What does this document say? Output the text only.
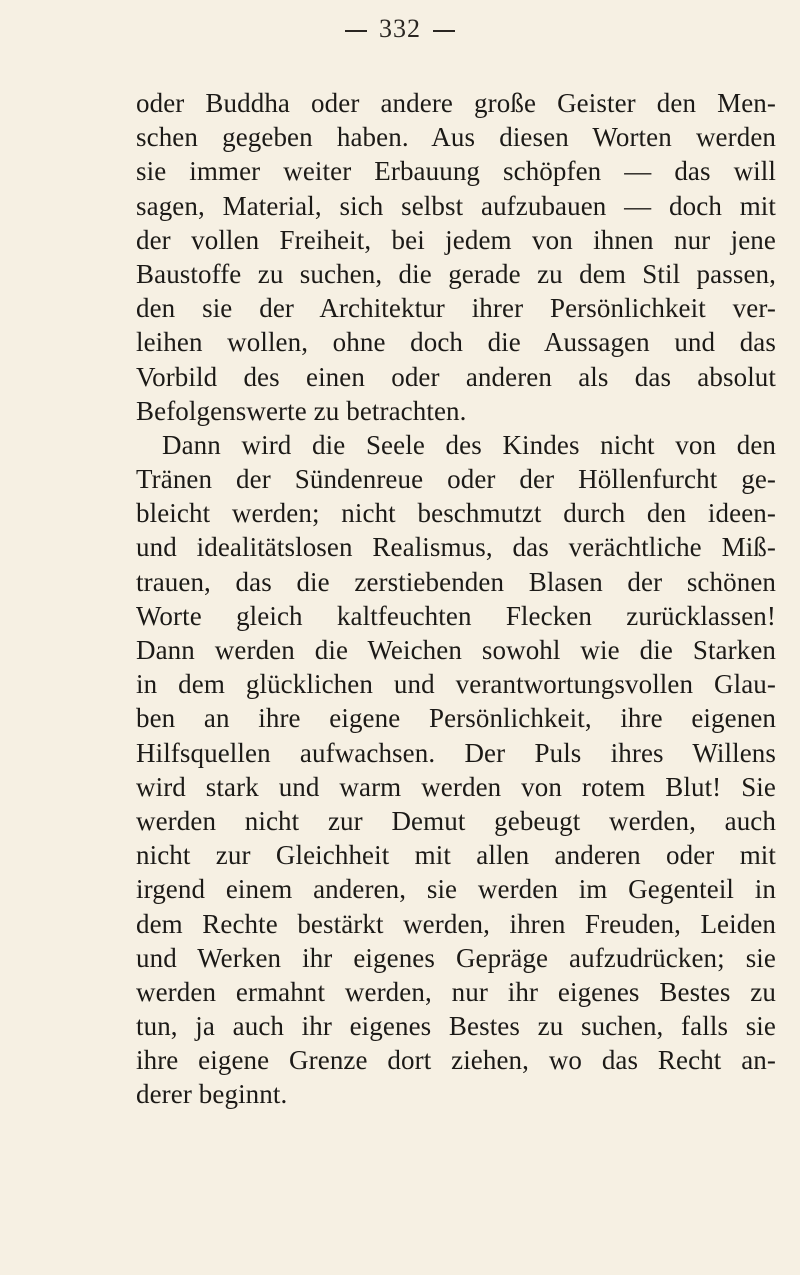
332
oder Buddha oder andere große Geister den Men-
schen gegeben haben. Aus diesen Worten werden
sie immer weiter Erbauung schöpfen — das will
sagen, Material, sich selbst aufzubauen — doch mit
der vollen Freiheit, bei jedem von ihnen nur jene
Baustoffe zu suchen, die gerade zu dem Stil passen,
den sie der Architektur ihrer Persönlichkeit ver-
leihen wollen, ohne doch die Aussagen und das
Vorbild des einen oder anderen als das absolut
Befolgenswerte zu betrachten.
Dann wird die Seele des Kindes nicht von den
Tränen der Sündenreue oder der Höllenfurcht ge-
bleicht werden; nicht beschmutzt durch den ideen-
und idealitätslosen Realismus, das verächtliche Miß-
trauen, das die zerstiebenden Blasen der schönen
Worte gleich kaltfeuchten Flecken zurücklassen!
Dann werden die Weichen sowohl wie die Starken
in dem glücklichen und verantwortungsvollen Glau-
ben an ihre eigene Persönlichkeit, ihre eigenen
Hilfsquellen aufwachsen. Der Puls ihres Willens
wird stark und warm werden von rotem Blut! Sie
werden nicht zur Demut gebeugt werden, auch
nicht zur Gleichheit mit allen anderen oder mit
irgend einem anderen, sie werden im Gegenteil in
dem Rechte bestärkt werden, ihren Freuden, Leiden
und Werken ihr eigenes Gepräge aufzudrücken; sie
werden ermahnt werden, nur ihr eigenes Bestes zu
tun, ja auch ihr eigenes Bestes zu suchen, falls sie
ihre eigene Grenze dort ziehen, wo das Recht an-
derer beginnt.
